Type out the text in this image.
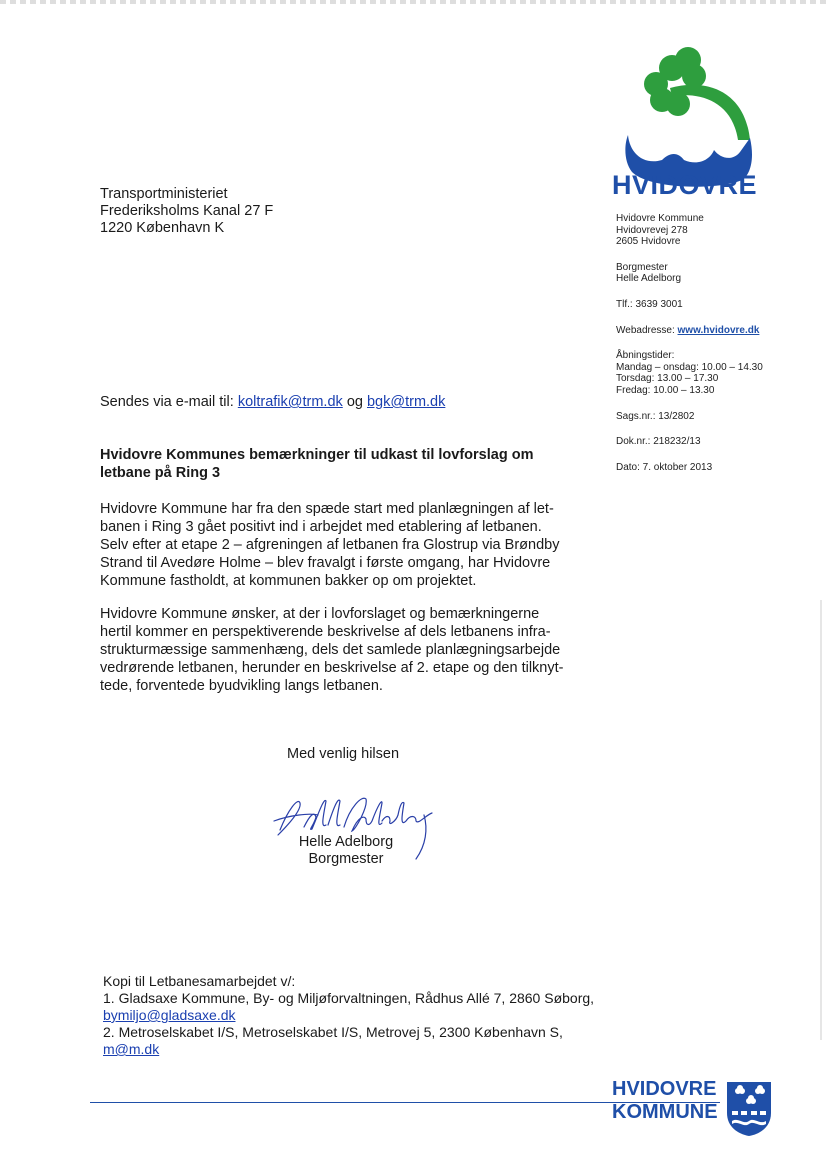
HVIDOVRE
Transportministeriet
Frederiksholms Kanal 27 F
1220 København K
Hvidovre Kommune
Hvidovrevej 278
2605 Hvidovre
Borgmester
Helle Adelborg
Tlf.: 3639 3001
Webadresse: www.hvidovre.dk
Åbningstider:
Mandag – onsdag: 10.00 – 14.30
Torsdag: 13.00 – 17.30
Fredag: 10.00 – 13.30
Sags.nr.: 13/2802
Dok.nr.: 218232/13
Dato: 7. oktober 2013
Sendes via e-mail til: koltrafik@trm.dk og bgk@trm.dk
Hvidovre Kommunes bemærkninger til udkast til lovforslag om letbane på Ring 3
Hvidovre Kommune har fra den spæde start med planlægningen af let-
banen i Ring 3 gået positivt ind i arbejdet med etablering af letbanen.
Selv efter at etape 2 – afgreningen af letbanen fra Glostrup via Brøndby
Strand til Avedøre Holme – blev fravalgt i første omgang, har Hvidovre
Kommune fastholdt, at kommunen bakker op om projektet.
Hvidovre Kommune ønsker, at der i lovforslaget og bemærkningerne
hertil kommer en perspektiverende beskrivelse af dels letbanens infra-
strukturmæssige sammenhæng, dels det samlede planlægningsarbejde
vedrørende letbanen, herunder en beskrivelse af 2. etape og den tilknyt-
tede, forventede byudvikling langs letbanen.
Med venlig hilsen
Helle Adelborg
Borgmester
Kopi til Letbanesamarbejdet v/:
1. Gladsaxe Kommune, By- og Miljøforvaltningen, Rådhus Allé 7, 2860 Søborg,
bymiljo@gladsaxe.dk
2. Metroselskabet I/S, Metroselskabet I/S, Metrovej 5, 2300 København S,
m@m.dk
HVIDOVRE
KOMMUNE
